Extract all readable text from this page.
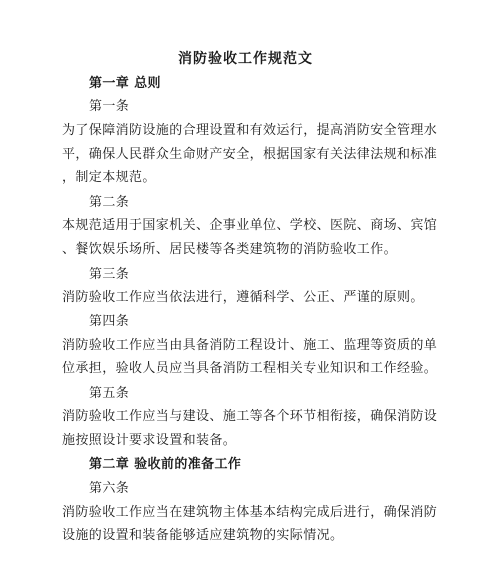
消防验收工作规范文
第一章 总则
第一条
为了保障消防设施的合理设置和有效运行，提高消防安全管理水
平，确保人民群众生命财产安全，根据国家有关法律法规和标准
，制定本规范。
第二条
本规范适用于国家机关、企事业单位、学校、医院、商场、宾馆
、餐饮娱乐场所、居民楼等各类建筑物的消防验收工作。
第三条
消防验收工作应当依法进行，遵循科学、公正、严谨的原则。
第四条
消防验收工作应当由具备消防工程设计、施工、监理等资质的单
位承担，验收人员应当具备消防工程相关专业知识和工作经验。
第五条
消防验收工作应当与建设、施工等各个环节相衔接，确保消防设
施按照设计要求设置和装备。
第二章 验收前的准备工作
第六条
消防验收工作应当在建筑物主体基本结构完成后进行，确保消防
设施的设置和装备能够适应建筑物的实际情况。
